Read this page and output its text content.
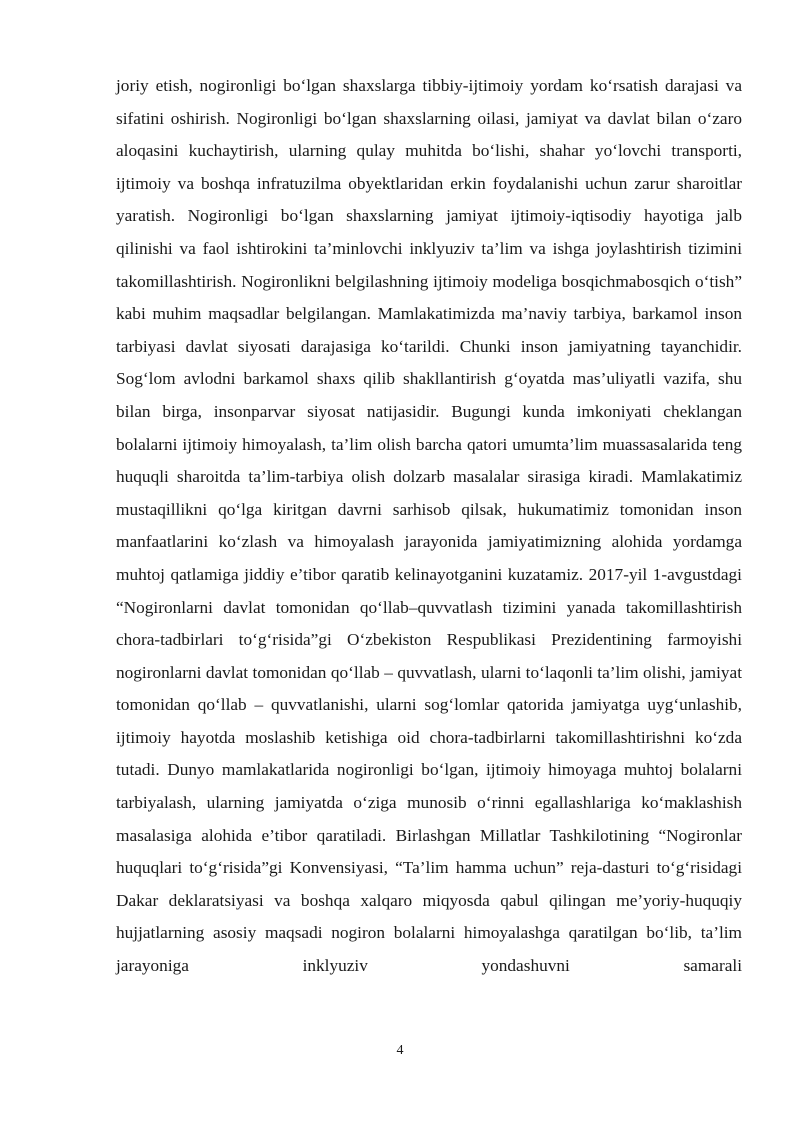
joriy etish, nogironligi bo‘lgan shaxslarga tibbiy-ijtimoiy yordam ko‘rsatish darajasi va sifatini oshirish. Nogironligi bo‘lgan shaxslarning oilasi, jamiyat va davlat bilan o‘zaro aloqasini kuchaytirish, ularning qulay muhitda bo‘lishi, shahar yo‘lovchi transporti, ijtimoiy va boshqa infratuzilma obyektlaridan erkin foydalanishi uchun zarur sharoitlar yaratish. Nogironligi bo‘lgan shaxslarning jamiyat ijtimoiy-iqtisodiy hayotiga jalb qilinishi va faol ishtirokini ta’minlovchi inklyuziv ta’lim va ishga joylashtirish tizimini takomillashtirish. Nogironlikni belgilashning ijtimoiy modeliga bosqichmabosqich o‘tish” kabi muhim maqsadlar belgilangan. Mamlakatimizda ma’naviy tarbiya, barkamol inson tarbiyasi davlat siyosati darajasiga ko‘tarildi. Chunki inson jamiyatning tayanchidir. Sog‘lom avlodni barkamol shaxs qilib shakllantirish g‘oyatda mas’uliyatli vazifa, shu bilan birga, insonparvar siyosat natijasidir. Bugungi kunda imkoniyati cheklangan bolalarni ijtimoiy himoyalash, ta’lim olish barcha qatori umumta’lim muassasalarida teng huquqli sharoitda ta’lim-tarbiya olish dolzarb masalalar sirasiga kiradi. Mamlakatimiz mustaqillikni qo‘lga kiritgan davrni sarhisob qilsak, hukumatimiz tomonidan inson manfaatlarini ko‘zlash va himoyalash jarayonida jamiyatimizning alohida yordamga muhtoj qatlamiga jiddiy e’tibor qaratib kelinayotganini kuzatamiz. 2017-yil 1-avgustdagi “Nogironlarni davlat tomonidan qo‘llab–quvvatlash tizimini yanada takomillashtirish chora-tadbirlari to‘g‘risida”gi O‘zbekiston Respublikasi Prezidentining farmoyishi nogironlarni davlat tomonidan qo‘llab – quvvatlash, ularni to‘laqonli ta’lim olishi, jamiyat tomonidan qo‘llab – quvvatlanishi, ularni sog‘lomlar qatorida jamiyatga uyg‘unlashib, ijtimoiy hayotda moslashib ketishiga oid chora-tadbirlarni takomillashtirishni ko‘zda tutadi. Dunyo mamlakatlarida nogironligi bo‘lgan, ijtimoiy himoyaga muhtoj bolalarni tarbiyalash, ularning jamiyatda o‘ziga munosib o‘rinni egallashlariga ko‘maklashish masalasiga alohida e’tibor qaratiladi. Birlashgan Millatlar Tashkilotining “Nogironlar huquqlari to‘g‘risida”gi Konvensiyasi, “Ta’lim hamma uchun” reja-dasturi to‘g‘risidagi Dakar deklaratsiyasi va boshqa xalqaro miqyosda qabul qilingan me’yoriy-huquqiy hujjatlarning asosiy maqsadi nogiron bolalarni himoyalashga qaratilgan bo‘lib, ta’lim jarayoniga inklyuziv yondashuvni samarali

4
